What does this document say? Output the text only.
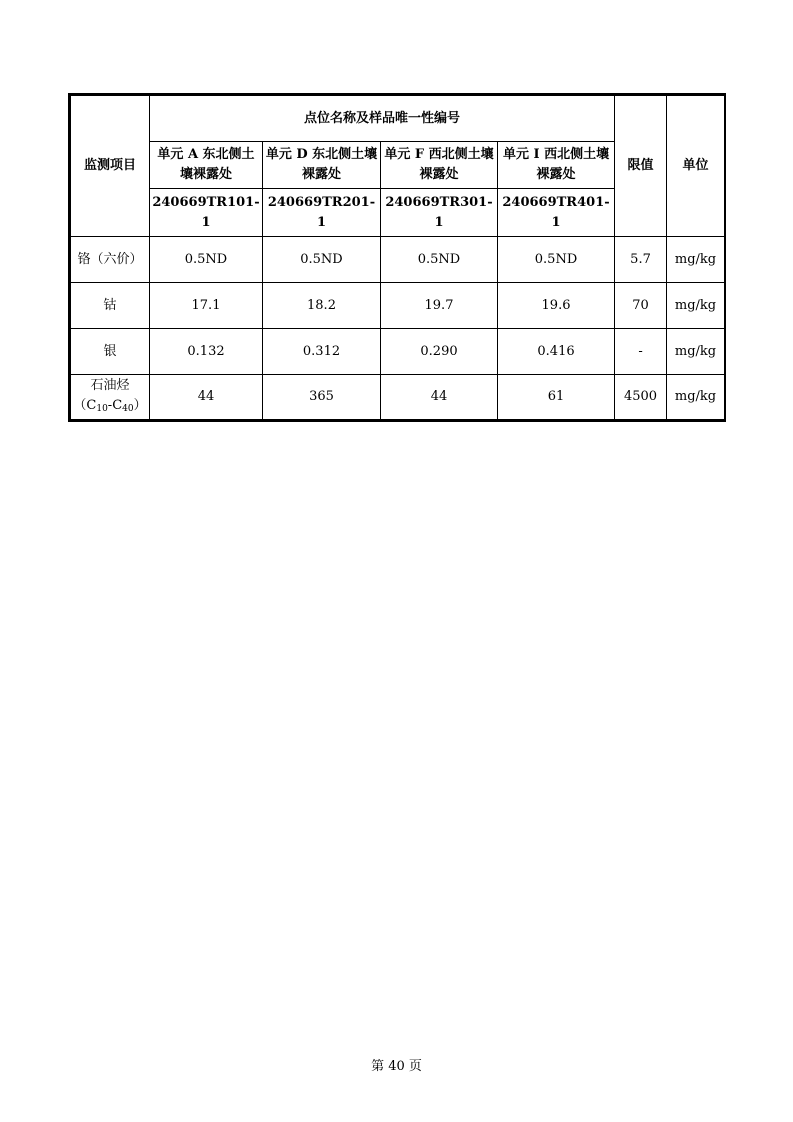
监测项目	点位名称及样品唯一性编号				限值	单位
	单元 A 东北侧土壤裸露处	单元 D 东北侧土壤裸露处	单元 F 西北侧土壤裸露处	单元 I 西北侧土壤裸露处		
	240669TR101-1	240669TR201-1	240669TR301-1	240669TR401-1		
铬（六价）	0.5ND	0.5ND	0.5ND	0.5ND	5.7	mg/kg
钴	17.1	18.2	19.7	19.6	70	mg/kg
银	0.132	0.312	0.290	0.416	-	mg/kg

石油烃
$(C_{10}-C_{40})$	44	365	44	61	4500	mg/kg
第 40 页
